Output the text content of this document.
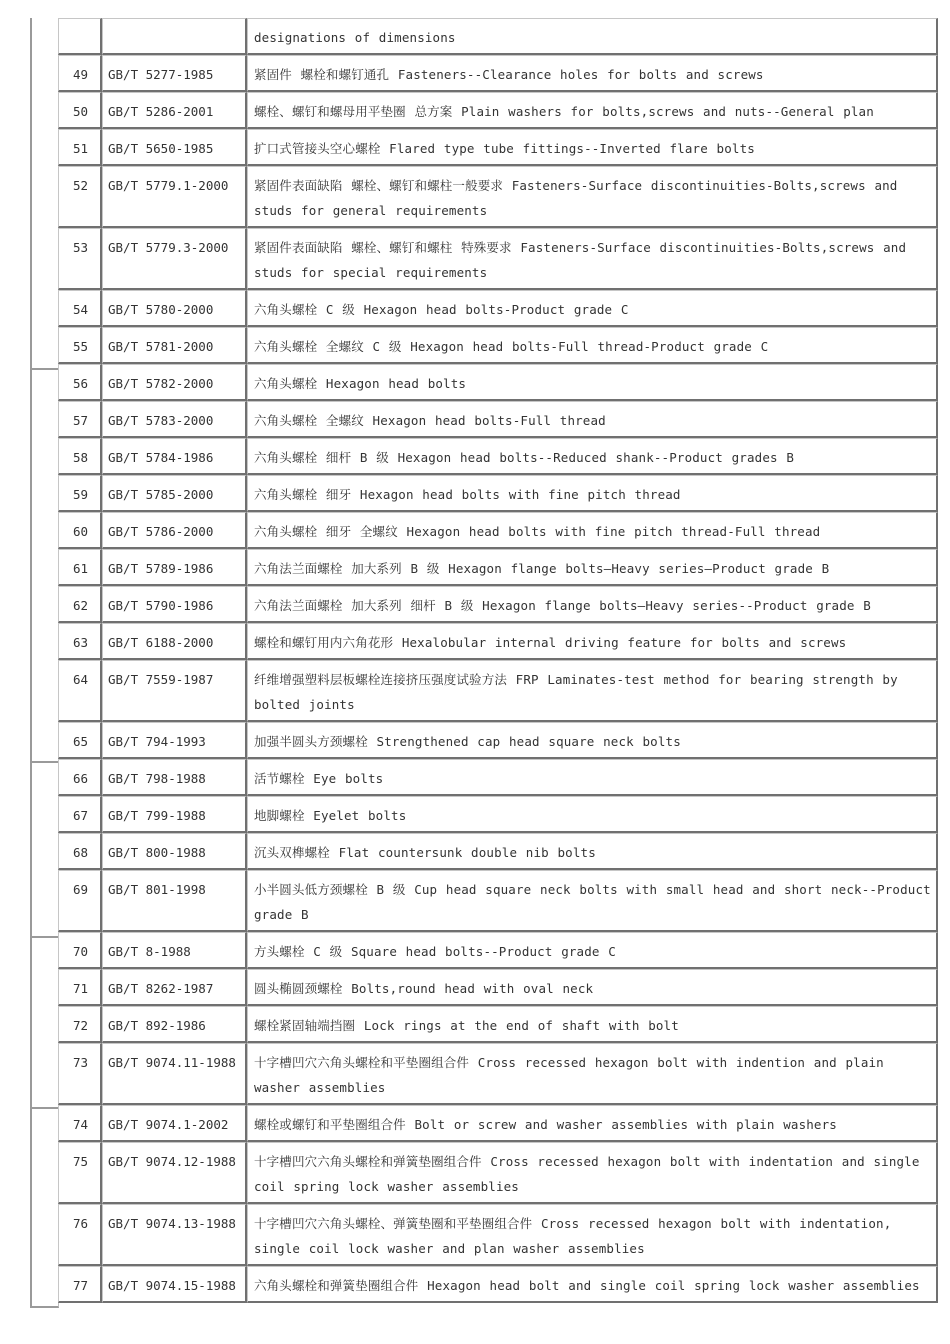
designations of dimensions
49	GB/T 5277-1985	紧固件 螺栓和螺钉通孔 Fasteners--Clearance holes for bolts and screws
50	GB/T 5286-2001	螺栓、螺钉和螺母用平垫圈 总方案 Plain washers for bolts,screws and nuts--General plan
51	GB/T 5650-1985	扩口式管接头空心螺栓 Flared type tube fittings--Inverted flare bolts
52	GB/T 5779.1-2000	紧固件表面缺陷 螺栓、螺钉和螺柱一般要求 Fasteners-Surface discontinuities-Bolts,screws and studs for general requirements
53	GB/T 5779.3-2000	紧固件表面缺陷 螺栓、螺钉和螺柱 特殊要求 Fasteners-Surface discontinuities-Bolts,screws and studs for special requirements
54	GB/T 5780-2000	六角头螺栓 C 级 Hexagon head bolts-Product grade C
55	GB/T 5781-2000	六角头螺栓 全螺纹 C 级 Hexagon head bolts-Full thread-Product grade C
56	GB/T 5782-2000	六角头螺栓 Hexagon head bolts
57	GB/T 5783-2000	六角头螺栓 全螺纹 Hexagon head bolts-Full thread
58	GB/T 5784-1986	六角头螺栓 细杆 B 级 Hexagon head bolts--Reduced shank--Product grades B
59	GB/T 5785-2000	六角头螺栓 细牙 Hexagon head bolts with fine pitch thread
60	GB/T 5786-2000	六角头螺栓 细牙 全螺纹 Hexagon head bolts with fine pitch thread-Full thread
61	GB/T 5789-1986	六角法兰面螺栓 加大系列 B 级 Hexagon flange bolts—Heavy series—Product grade B
62	GB/T 5790-1986	六角法兰面螺栓 加大系列 细杆 B 级 Hexagon flange bolts—Heavy series--Product grade B
63	GB/T 6188-2000	螺栓和螺钉用内六角花形 Hexalobular internal driving feature for bolts and screws
64	GB/T 7559-1987	纤维增强塑料层板螺栓连接挤压强度试验方法 FRP Laminates-test method for bearing strength by bolted joints
65	GB/T 794-1993	加强半圆头方颈螺栓 Strengthened cap head square neck bolts
66	GB/T 798-1988	活节螺栓 Eye bolts
67	GB/T 799-1988	地脚螺栓 Eyelet bolts
68	GB/T 800-1988	沉头双榫螺栓 Flat countersunk double nib bolts
69	GB/T 801-1998	小半圆头低方颈螺栓 B 级 Cup head square neck bolts with small head and short neck--Product grade B
70	GB/T 8-1988	方头螺栓 C 级 Square head bolts--Product grade C
71	GB/T 8262-1987	圆头椭圆颈螺栓 Bolts,round head with oval neck
72	GB/T 892-1986	螺栓紧固轴端挡圈 Lock rings at the end of shaft with bolt
73	GB/T 9074.11-1988	十字槽凹穴六角头螺栓和平垫圈组合件 Cross recessed hexagon bolt with indention and plain washer assemblies
74	GB/T 9074.1-2002	螺栓或螺钉和平垫圈组合件 Bolt or screw and washer assemblies with plain washers
75	GB/T 9074.12-1988	十字槽凹穴六角头螺栓和弹簧垫圈组合件 Cross recessed hexagon bolt with indentation and single coil spring lock washer assemblies
76	GB/T 9074.13-1988	十字槽凹穴六角头螺栓、弹簧垫圈和平垫圈组合件 Cross recessed hexagon bolt with indentation, single coil lock washer and plan washer assemblies
77	GB/T 9074.15-1988	六角头螺栓和弹簧垫圈组合件 Hexagon head bolt and single coil spring lock washer assemblies
